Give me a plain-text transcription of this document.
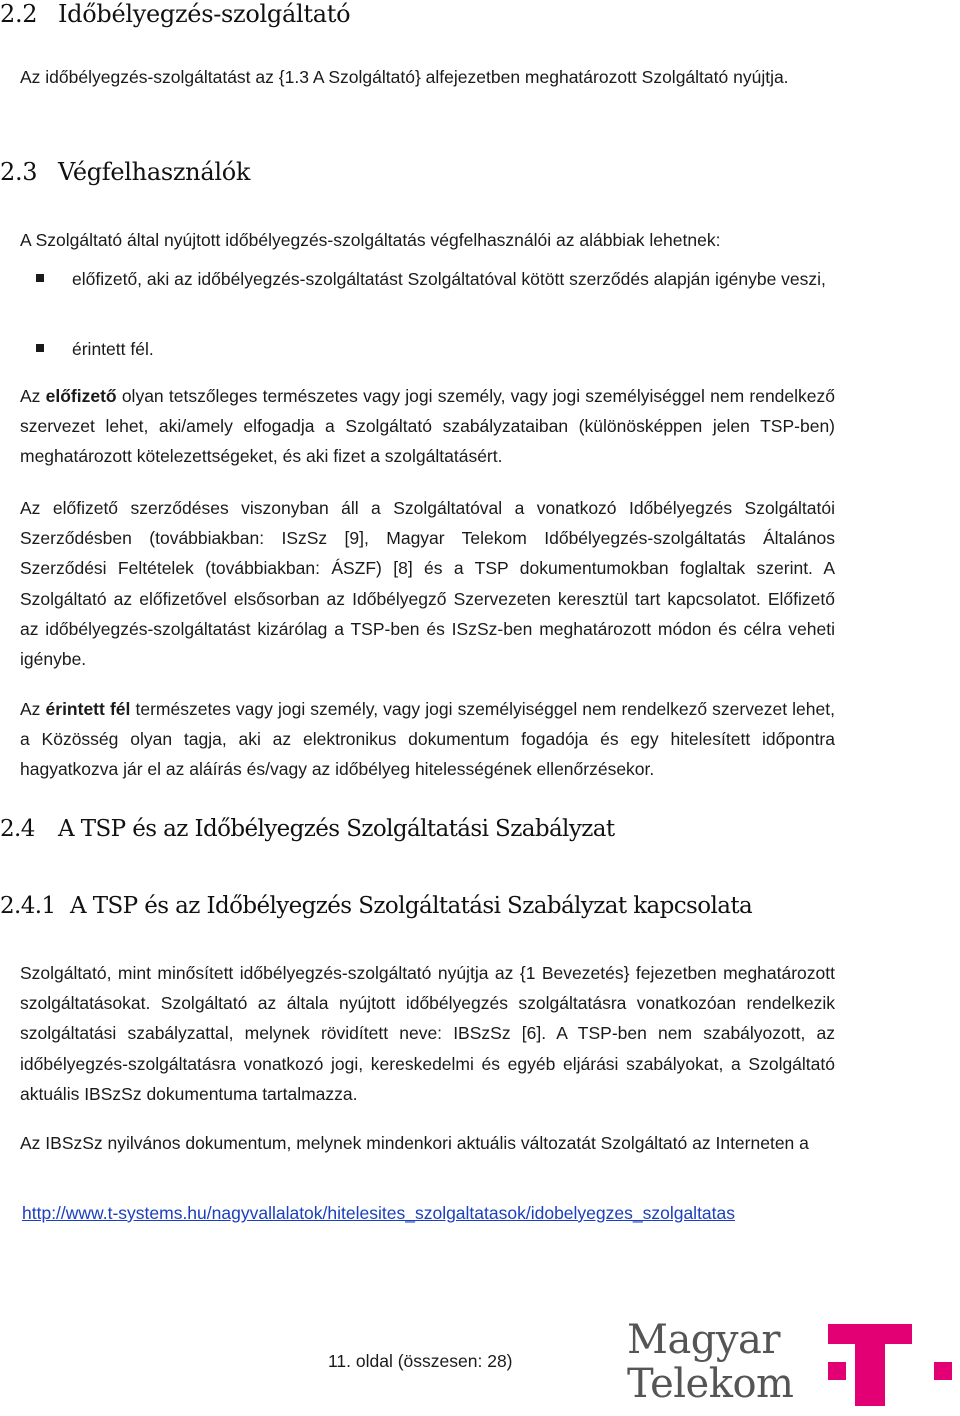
2.2 Időbélyegzés-szolgáltató

Az időbélyegzés-szolgáltatást az {1.3 A Szolgáltató} alfejezetben meghatározott Szolgáltató nyújtja.

2.3 Végfelhasználók

A Szolgáltató által nyújtott időbélyegzés-szolgáltatás végfelhasználói az alábbiak lehetnek:

előfizető, aki az időbélyegzés-szolgáltatást Szolgáltatóval kötött szerződés alapján igénybe veszi,
érintett fél.

Az előfizető olyan tetszőleges természetes vagy jogi személy, vagy jogi személyiséggel nem rendelkező szervezet lehet, aki/amely elfogadja a Szolgáltató szabályzataiban (különösképpen jelen TSP-ben) meghatározott kötelezettségeket, és aki fizet a szolgáltatásért.

Az előfizető szerződéses viszonyban áll a Szolgáltatóval a vonatkozó Időbélyegzés Szolgáltatói Szerződésben (továbbiakban: ISzSz [9], Magyar Telekom Időbélyegzés-szolgáltatás Általános Szerződési Feltételek (továbbiakban: ÁSZF) [8] és a TSP dokumentumokban foglaltak szerint. A Szolgáltató az előfizetővel elsősorban az Időbélyegző Szervezeten keresztül tart kapcsolatot. Előfizető az időbélyegzés-szolgáltatást kizárólag a TSP-ben és ISzSz-ben meghatározott módon és célra veheti igénybe.

Az érintett fél természetes vagy jogi személy, vagy jogi személyiséggel nem rendelkező szervezet lehet, a Közösség olyan tagja, aki az elektronikus dokumentum fogadója és egy hitelesített időpontra hagyatkozva jár el az aláírás és/vagy az időbélyeg hitelességének ellenőrzésekor.

2.4 A TSP és az Időbélyegzés Szolgáltatási Szabályzat
2.4.1 A TSP és az Időbélyegzés Szolgáltatási Szabályzat kapcsolata

Szolgáltató, mint minősített időbélyegzés-szolgáltató nyújtja az {1 Bevezetés} fejezetben meghatározott szolgáltatásokat. Szolgáltató az általa nyújtott időbélyegzés szolgáltatásra vonatkozóan rendelkezik szolgáltatási szabályzattal, melynek rövidített neve: IBSzSz [6]. A TSP-ben nem szabályozott, az időbélyegzés-szolgáltatásra vonatkozó jogi, kereskedelmi és egyéb eljárási szabályokat, a Szolgáltató aktuális IBSzSz dokumentuma tartalmazza.

Az IBSzSz nyilvános dokumentum, melynek mindenkori aktuális változatát Szolgáltató az Interneten a

http://www.t-systems.hu/nagyvallalatok/hitelesites_szolgaltatasok/idobelyegzes_szolgaltatas
11. oldal (összesen: 28)	Magyar
Telekom
